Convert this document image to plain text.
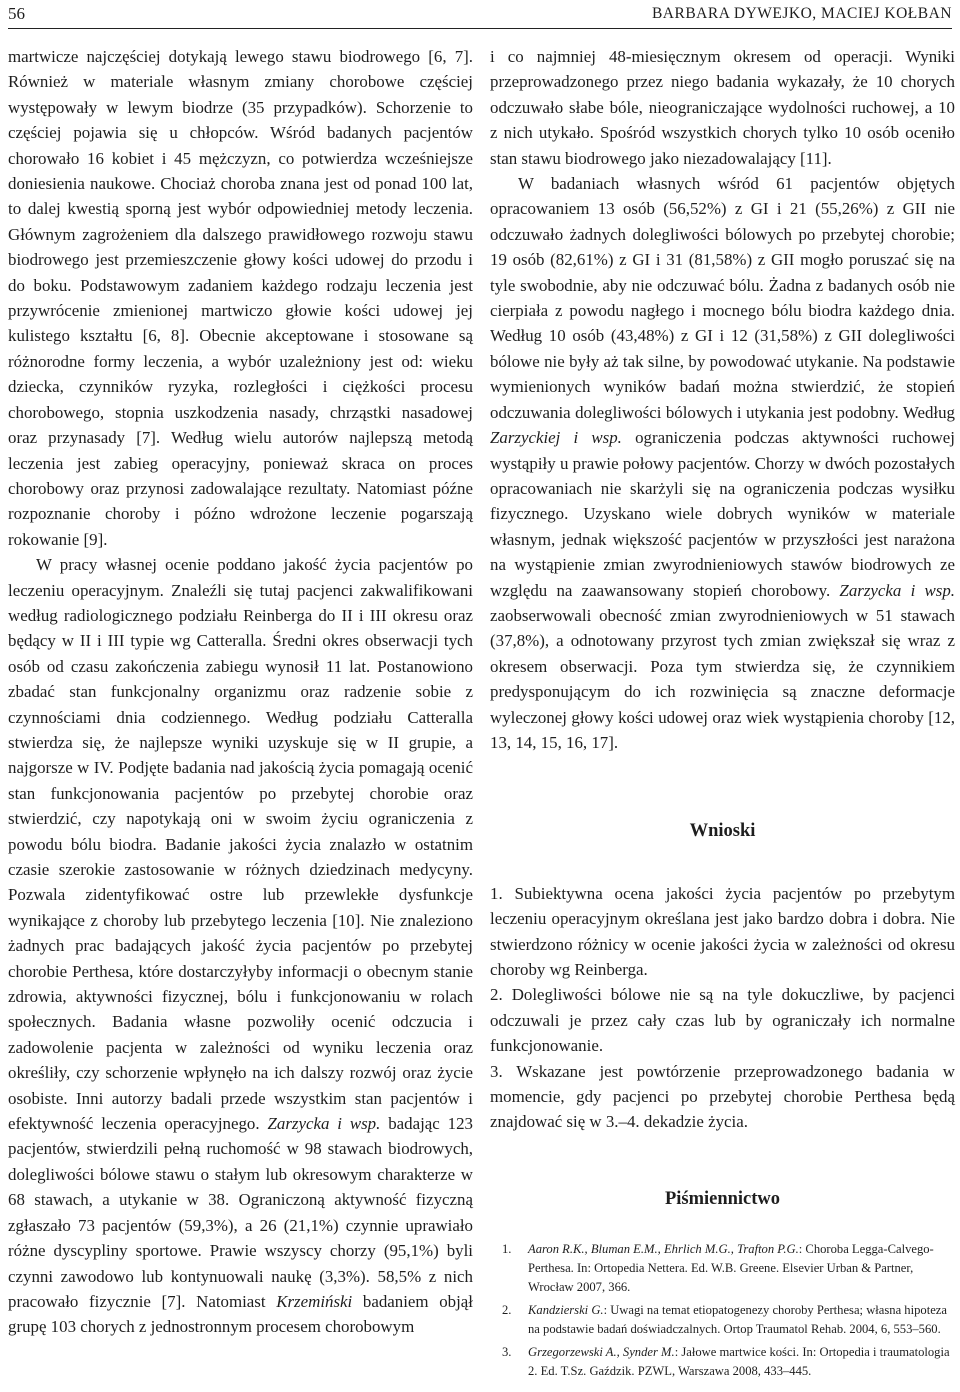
56	BARBARA DYWEJKO, MACIEJ KOŁBAN

martwicze najczęściej dotykają lewego stawu biodrowego [6, 7]. Również w materiale własnym zmiany chorobowe częściej występowały w lewym biodrze (35 przypadków). Schorzenie to częściej pojawia się u chłopców. Wśród badanych pacjentów chorowało 16 kobiet i 45 mężczyzn, co potwierdza wcześniejsze doniesienia naukowe. Chociaż choroba znana jest od ponad 100 lat, to dalej kwestią sporną jest wybór odpowiedniej metody leczenia. Głównym zagrożeniem dla dalszego prawidłowego rozwoju stawu biodrowego jest przemieszczenie głowy kości udowej do przodu i do boku. Podstawowym zadaniem każdego rodzaju leczenia jest przywrócenie zmienionej martwiczo głowie kości udowej jej kulistego kształtu [6, 8]. Obecnie akceptowane i stosowane są różnorodne formy leczenia, a wybór uzależniony jest od: wieku dziecka, czynników ryzyka, rozległości i ciężkości procesu chorobowego, stopnia uszkodzenia nasady, chrząstki nasadowej oraz przynasady [7]. Według wielu autorów najlepszą metodą leczenia jest zabieg operacyjny, ponieważ skraca on proces chorobowy oraz przynosi zadowalające rezultaty. Natomiast późne rozpoznanie choroby i późno wdrożone leczenie pogarszają rokowanie [9].

W pracy własnej ocenie poddano jakość życia pacjentów po leczeniu operacyjnym. Znaleźli się tutaj pacjenci zakwalifikowani według radiologicznego podziału Reinberga do II i III okresu oraz będący w II i III typie wg Catteralla. Średni okres obserwacji tych osób od czasu zakończenia zabiegu wynosił 11 lat. Postanowiono zbadać stan funkcjonalny organizmu oraz radzenie sobie z czynnościami dnia codziennego. Według podziału Catteralla stwierdza się, że najlepsze wyniki uzyskuje się w II grupie, a najgorsze w IV. Podjęte badania nad jakością życia pomagają ocenić stan funkcjonowania pacjentów po przebytej chorobie oraz stwierdzić, czy napotykają oni w swoim życiu ograniczenia z powodu bólu biodra. Badanie jakości życia znalazło w ostatnim czasie szerokie zastosowanie w różnych dziedzinach medycyny. Pozwala zidentyfikować ostre lub przewlekłe dysfunkcje wynikające z choroby lub przebytego leczenia [10]. Nie znaleziono żadnych prac badających jakość życia pacjentów po przebytej chorobie Perthesa, które dostarczyłyby informacji o obecnym stanie zdrowia, aktywności fizycznej, bólu i funkcjonowaniu w rolach społecznych. Badania własne pozwoliły ocenić odczucia i zadowolenie pacjenta w zależności od wyniku leczenia oraz określiły, czy schorzenie wpłynęło na ich dalszy rozwój oraz życie osobiste. Inni autorzy badali przede wszystkim stan pacjentów i efektywność leczenia operacyjnego. Zarzycka i wsp. badając 123 pacjentów, stwierdzili pełną ruchomość w 98 stawach biodrowych, dolegliwości bólowe stawu o stałym lub okresowym charakterze w 68 stawach, a utykanie w 38. Ograniczoną aktywność fizyczną zgłaszało 73 pacjentów (59,3%), a 26 (21,1%) czynnie uprawiało różne dyscypliny sportowe. Prawie wszyscy chorzy (95,1%) byli czynni zawodowo lub kontynuowali naukę (3,3%). 58,5% z nich pracowało fizycznie [7]. Natomiast Krzemiński badaniem objął grupę 103 chorych z jednostronnym procesem chorobowym

i co najmniej 48-miesięcznym okresem od operacji. Wyniki przeprowadzonego przez niego badania wykazały, że 10 chorych odczuwało słabe bóle, nieograniczające wydolności ruchowej, a 10 z nich utykało. Spośród wszystkich chorych tylko 10 osób oceniło stan stawu biodrowego jako niezadowalający [11].

W badaniach własnych wśród 61 pacjentów objętych opracowaniem 13 osób (56,52%) z GI i 21 (55,26%) z GII nie odczuwało żadnych dolegliwości bólowych po przebytej chorobie; 19 osób (82,61%) z GI i 31 (81,58%) z GII mogło poruszać się na tyle swobodnie, aby nie odczuwać bólu. Żadna z badanych osób nie cierpiała z powodu nagłego i mocnego bólu biodra każdego dnia. Według 10 osób (43,48%) z GI i 12 (31,58%) z GII dolegliwości bólowe nie były aż tak silne, by powodować utykanie. Na podstawie wymienionych wyników badań można stwierdzić, że stopień odczuwania dolegliwości bólowych i utykania jest podobny. Według Zarzyckiej i wsp. ograniczenia podczas aktywności ruchowej wystąpiły u prawie połowy pacjentów. Chorzy w dwóch pozostałych opracowaniach nie skarżyli się na ograniczenia podczas wysiłku fizycznego. Uzyskano wiele dobrych wyników w materiale własnym, jednak większość pacjentów w przyszłości jest narażona na wystąpienie zmian zwyrodnieniowych stawów biodrowych ze względu na zaawansowany stopień chorobowy. Zarzycka i wsp. zaobserwowali obecność zmian zwyrodnieniowych w 51 stawach (37,8%), a odnotowany przyrost tych zmian zwiększał się wraz z okresem obserwacji. Poza tym stwierdza się, że czynnikiem predysponującym do ich rozwinięcia są znaczne deformacje wyleczonej głowy kości udowej oraz wiek wystąpienia choroby [12, 13, 14, 15, 16, 17].

Wnioski

1. Subiektywna ocena jakości życia pacjentów po przebytym leczeniu operacyjnym określana jest jako bardzo dobra i dobra. Nie stwierdzono różnicy w ocenie jakości życia w zależności od okresu choroby wg Reinberga.

2. Dolegliwości bólowe nie są na tyle dokuczliwe, by pacjenci odczuwali je przez cały czas lub by ograniczały ich normalne funkcjonowanie.

3. Wskazane jest powtórzenie przeprowadzonego badania w momencie, gdy pacjenci po przebytej chorobie Perthesa będą znajdować się w 3.–4. dekadzie życia.

Piśmiennictwo
1. Aaron R.K., Bluman E.M., Ehrlich M.G., Trafton P.G.: Choroba Legga-Calvego-Perthesa. In: Ortopedia Nettera. Ed. W.B. Greene. Elsevier Urban & Partner, Wrocław 2007, 366.
2. Kandzierski G.: Uwagi na temat etiopatogenezy choroby Perthesa; własna hipoteza na podstawie badań doświadczalnych. Ortop Traumatol Rehab. 2004, 6, 553–560.
3. Grzegorzewski A., Synder M.: Jałowe martwice kości. In: Ortopedia i traumatologia 2. Ed. T.Sz. Gaździk. PZWL, Warszawa 2008, 433–445.
